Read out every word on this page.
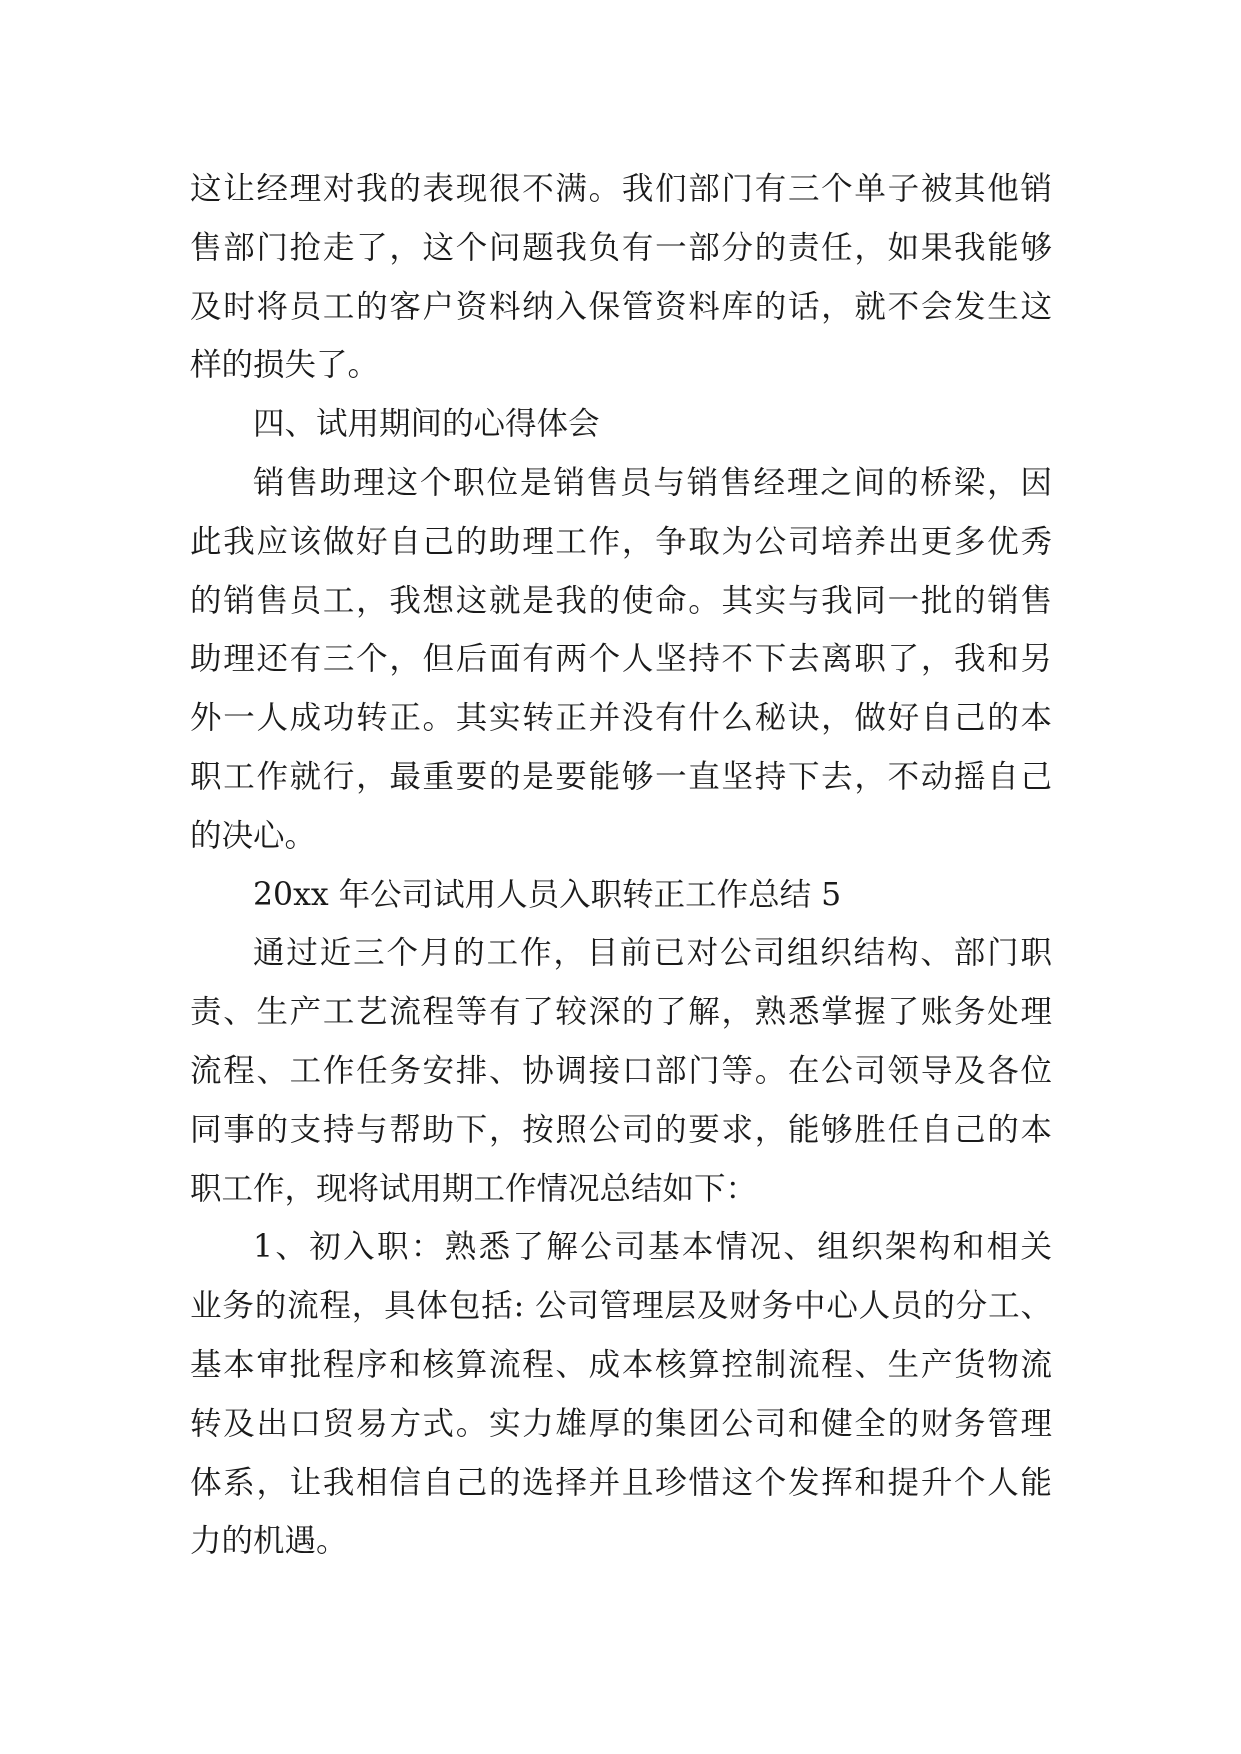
这让经理对我的表现很不满。我们部门有三个单子被其他销
售部门抢走了，这个问题我负有一部分的责任，如果我能够
及时将员工的客户资料纳入保管资料库的话，就不会发生这
样的损失了。
四、试用期间的心得体会
销售助理这个职位是销售员与销售经理之间的桥梁，因
此我应该做好自己的助理工作，争取为公司培养出更多优秀
的销售员工，我想这就是我的使命。其实与我同一批的销售
助理还有三个，但后面有两个人坚持不下去离职了，我和另
外一人成功转正。其实转正并没有什么秘诀，做好自己的本
职工作就行，最重要的是要能够一直坚持下去，不动摇自己
的决心。
20xx 年公司试用人员入职转正工作总结 5
通过近三个月的工作，目前已对公司组织结构、部门职
责、生产工艺流程等有了较深的了解，熟悉掌握了账务处理
流程、工作任务安排、协调接口部门等。在公司领导及各位
同事的支持与帮助下，按照公司的要求，能够胜任自己的本
职工作，现将试用期工作情况总结如下：
1、初入职：熟悉了解公司基本情况、组织架构和相关
业务的流程，具体包括: 公司管理层及财务中心人员的分工、
基本审批程序和核算流程、成本核算控制流程、生产货物流
转及出口贸易方式。实力雄厚的集团公司和健全的财务管理
体系，让我相信自己的选择并且珍惜这个发挥和提升个人能
力的机遇。
